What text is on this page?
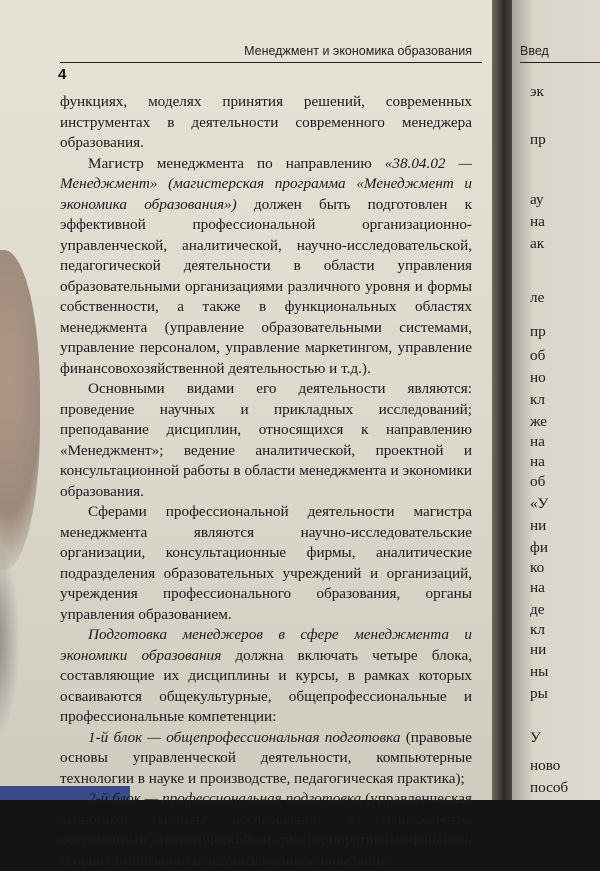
Менеджмент и экономика образования
4
Введ

функциях, моделях принятия решений, современных инструментах в деятельности современного менеджера образования.

Магистр менеджмента по направлению «38.04.02 — Менеджмент» (магистерская программа «Менеджмент и экономика образования») должен быть подготовлен к эффективной профессиональной организационно-управленческой, аналитической, научно-исследовательской, педагогической деятельности в области управления образовательными организациями различного уровня и формы собственности, а также в функциональных областях менеджмента (управление образовательными системами, управление персоналом, управление маркетингом, управление финансовохозяйственной деятельностью и т.д.).

Основными видами его деятельности являются: проведение научных и прикладных исследований; преподавание дисциплин, относящихся к направлению «Менеджмент»; ведение аналитической, проектной и консультационной работы в области менеджмента и экономики образования.

Сферами профессиональной деятельности магистра менеджмента являются научно-исследовательские организации, консультационные фирмы, аналитические подразделения образовательных учреждений и организаций, учреждения профессионального образования, органы управления образованием.

Подготовка менеджеров в сфере менеджмента и экономики образования должна включать четыре блока, составляющие их дисциплины и курсы, в рамках которых осваиваются общекультурные, общепрофессиональные и профессиональные компетенции:

1-й блок — общепрофессиональная подготовка (правовые основы управленческой деятельности, компьютерные технологии в науке и производстве, педагогическая практика);

2-й блок — профессиональная подготовка (управленческая экономика, методы исследований в менеджменте, современный стратегический анализ, корпоративные финансы, теория организации и организационное поведение,

эк
пр
ау
на
ак
ле
пр
об
но
кл
же
на
на
об
«У
ни
фи
ко
на
де
кл
ни
ны
ры
У
ново
пособ
